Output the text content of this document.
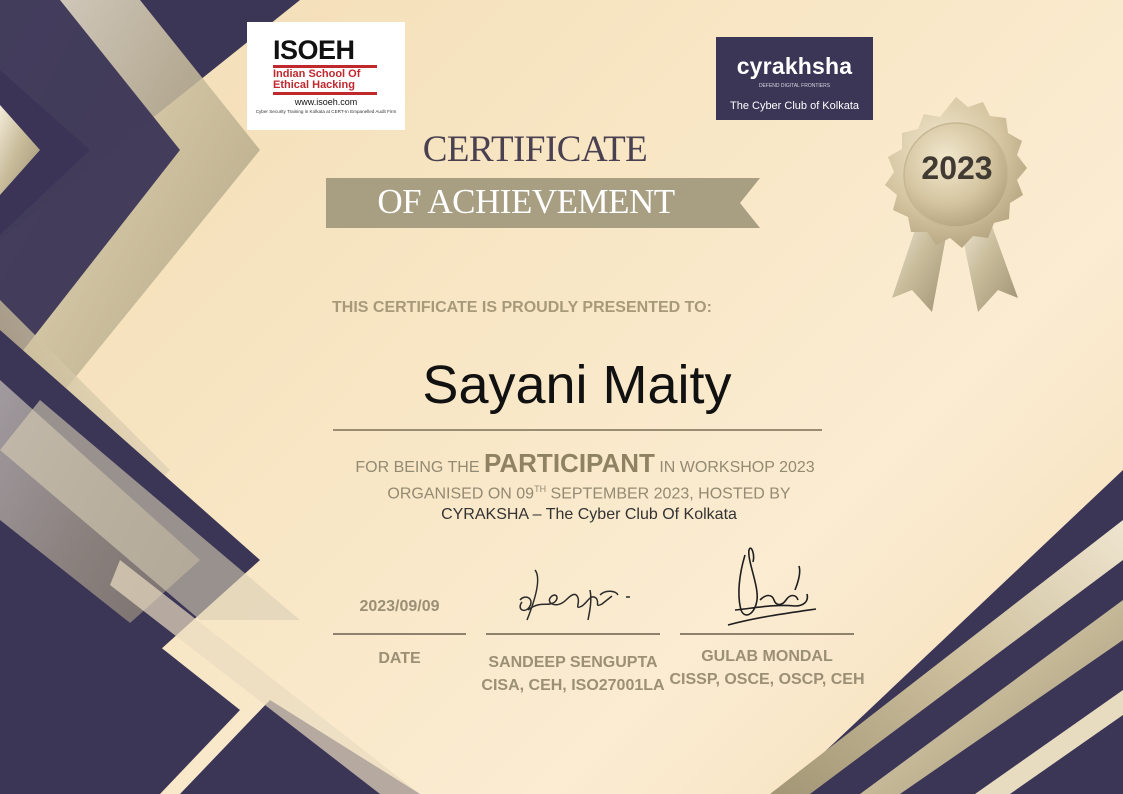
ISOEH
Indian School Of Ethical Hacking
www.isoeh.com
Cyber Security Training in Kolkata at CERT-In Empanelled Audit Firm
cyrakhsha
DEFEND DIGITAL FRONTIERS
The Cyber Club of Kolkata
CERTIFICATE
OF ACHIEVEMENT
2023
THIS CERTIFICATE IS PROUDLY PRESENTED TO:
Sayani Maity
FOR BEING THE PARTICIPANT IN WORKSHOP 2023
ORGANISED ON 09TH SEPTEMBER 2023, HOSTED BY
CYRAKSHA – The Cyber Club Of Kolkata
2023/09/09
DATE	SANDEEP SENGUPTA
CISA, CEH, ISO27001LA
GULAB MONDAL
CISSP, OSCE, OSCP, CEH
